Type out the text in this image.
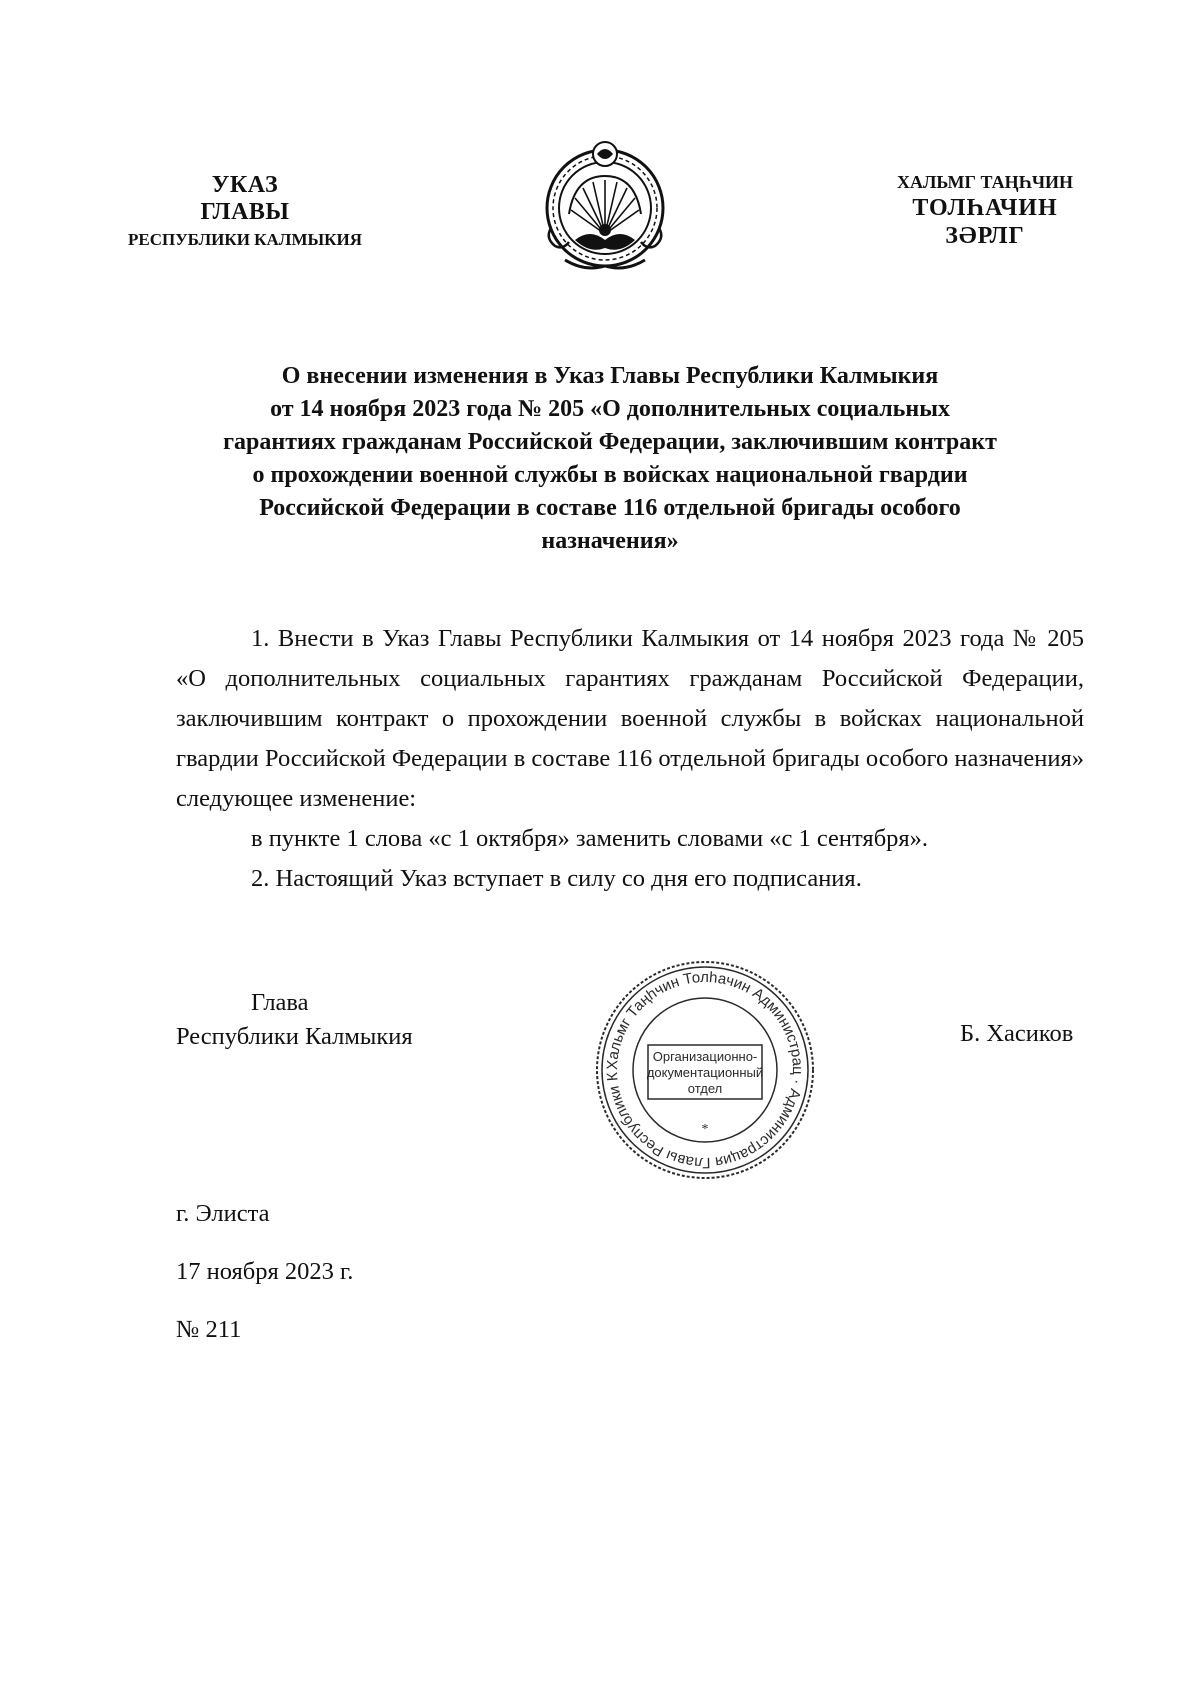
УКАЗ
ГЛАВЫ
РЕСПУБЛИКИ КАЛМЫКИЯ
ХАЛЬМГ ТАҢҺЧИН
ТОЛҺАЧИН
ЗӘРЛГ
О внесении изменения в Указ Главы Республики Калмыкия
от 14 ноября 2023 года № 205 «О дополнительных социальных
гарантиях гражданам Российской Федерации, заключившим контракт
о прохождении военной службы в войсках национальной гвардии
Российской Федерации в составе 116 отдельной бригады особого
назначения»

1. Внести в Указ Главы Республики Калмыкия от 14 ноября 2023 года № 205 «О дополнительных социальных гарантиях гражданам Российской Федерации, заключившим контракт о прохождении военной службы в войсках национальной гвардии Российской Федерации в составе 116 отдельной бригады особого назначения» следующее изменение:

в пункте 1 слова «с 1 октября» заменить словами «с 1 сентября».

2. Настоящий Указ вступает в силу со дня его подписания.

Глава
Республики Калмыкия
Хальмг Таңһчин Толһачин Администрац · Администрация Главы Республики К
Организационно-
документационный
отдел
*
Б. Хасиков
г. Элиста
17 ноября 2023 г.
№ 211
